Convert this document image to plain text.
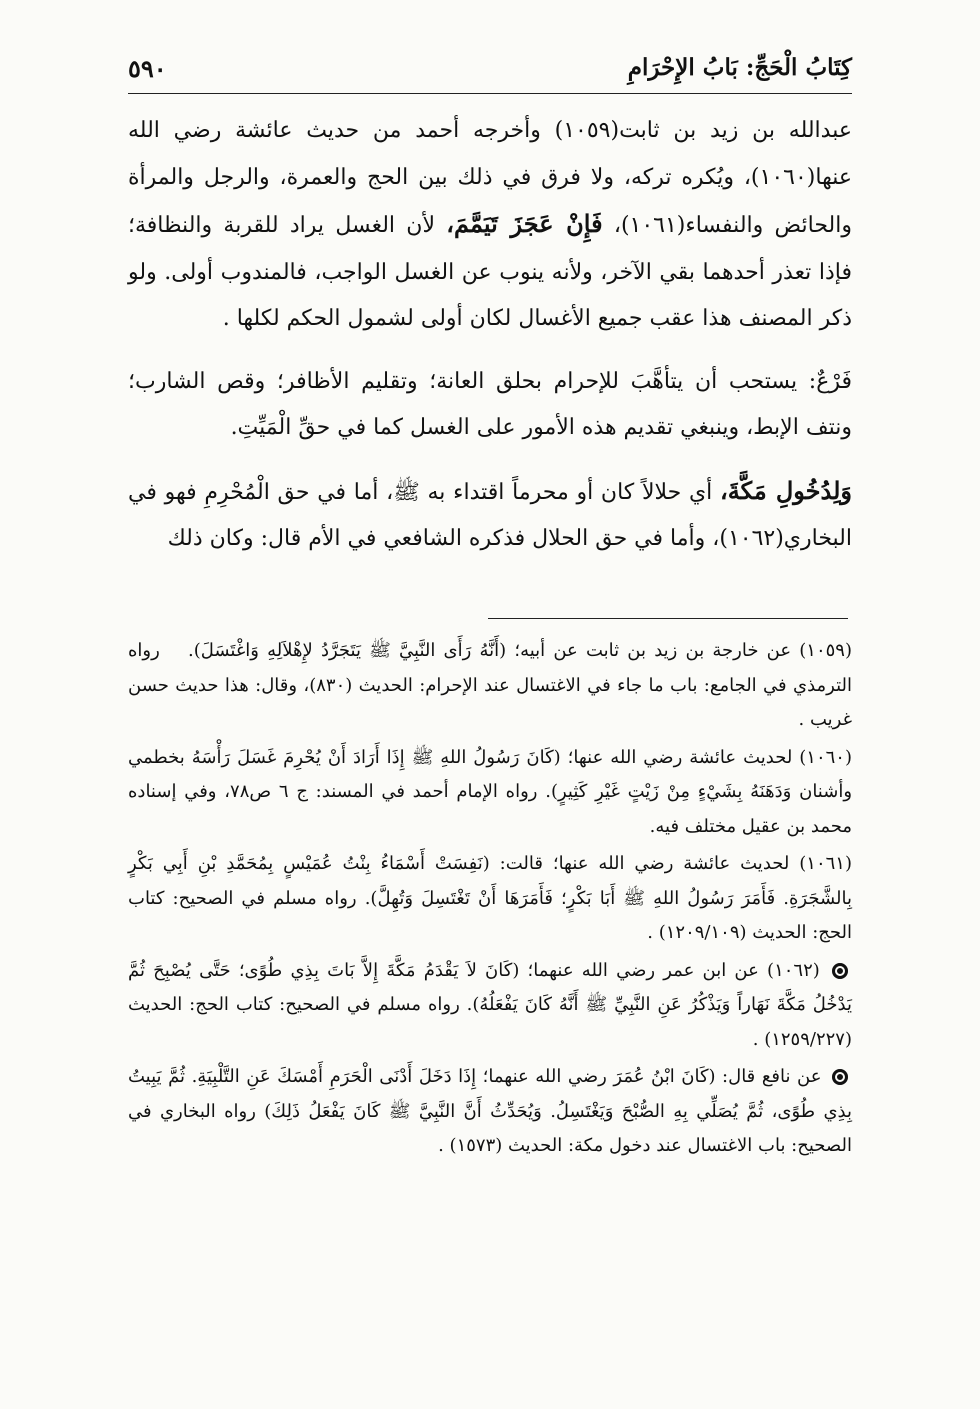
كِتَابُ الْحَجِّ: بَابُ الإِحْرَامِ
٥٩٠

عبدالله بن زيد بن ثابت(١٠٥٩) وأخرجه أحمد من حديث عائشة رضي الله عنها(١٠٦٠)، ويُكره تركه، ولا فرق في ذلك بين الحج والعمرة، والرجل والمرأة والحائض والنفساء(١٠٦١)، فَإِنْ عَجَزَ تَيَمَّمَ، لأن الغسل يراد للقربة والنظافة؛ فإذا تعذر أحدهما بقي الآخر، ولأنه ينوب عن الغسل الواجب، فالمندوب أولى. ولو ذكر المصنف هذا عقب جميع الأغسال لكان أولى لشمول الحكم لكلها .

فَرْعٌ: يستحب أن يتأهَّبَ للإحرام بحلق العانة؛ وتقليم الأظافر؛ وقص الشارب؛ ونتف الإبط، وينبغي تقديم هذه الأمور على الغسل كما في حقِّ الْمَيِّتِ.

وَلِدُخُولِ مَكَّةَ، أي حلالاً كان أو محرماً اقتداء به ﷺ، أما في حق الْمُحْرِمِ فهو في البخاري(١٠٦٢)، وأما في حق الحلال فذكره الشافعي في الأم قال: وكان ذلك

(١٠٥٩) عن خارجة بن زيد بن ثابت عن أبيه؛ (أَنَّهُ رَأَى النَّبِيَّ ﷺ يَتَجَرَّدُ لإِهْلاَلِهِ وَاغْتَسَلَ). رواه الترمذي في الجامع: باب ما جاء في الاغتسال عند الإحرام: الحديث (٨٣٠)، وقال: هذا حديث حسن غريب .

(١٠٦٠) لحديث عائشة رضي الله عنها؛ (كَانَ رَسُولُ اللهِ ﷺ إِذَا أَرَادَ أَنْ يُحْرِمَ غَسَلَ رَأْسَهُ بخطمي وأشنان وَدَهَنَهُ بِشَيْءٍ مِنْ زَيْتٍ غَيْرِ كَثِيرٍ). رواه الإمام أحمد في المسند: ج ٦ ص٧٨، وفي إسناده محمد بن عقيل مختلف فيه.

(١٠٦١) لحديث عائشة رضي الله عنها؛ قالت: (نَفِسَتْ أَسْمَاءُ بِنْتُ عُمَيْسٍ بِمُحَمَّدِ بْنِ أَبِي بَكْرٍ بِالشَّجَرَةِ. فَأَمَرَ رَسُولُ اللهِ ﷺ أَبَا بَكْرٍ؛ فَأَمَرَهَا أَنْ تَغْتَسِلَ وَتُهِلَّ). رواه مسلم في الصحيح: كتاب الحج: الحديث (١٢٠٩/١٠٩) .

(١٠٦٢) عن ابن عمر رضي الله عنهما؛ (كَانَ لاَ يَقْدَمُ مَكَّةَ إِلاَّ بَاتَ بِذِي طُوًى؛ حَتَّى يُصْبِحَ ثُمَّ يَدْخُلُ مَكَّةَ نَهَاراً وَيَذْكُرُ عَنِ النَّبِيِّ ﷺ أَنَّهُ كَانَ يَفْعَلُهُ). رواه مسلم في الصحيح: كتاب الحج: الحديث (١٢٥٩/٢٢٧) .

عن نافع قال: (كَانَ ابْنُ عُمَرَ رضي الله عنهما؛ إِذَا دَخَلَ أَدْنَى الْحَرَمِ أَمْسَكَ عَنِ التَّلْبِيَةِ. ثُمَّ يَبِيتُ بِذِي طُوًى، ثُمَّ يُصَلِّي بِهِ الصُّبْحَ وَيَغْتَسِلُ. وَيُحَدِّثُ أَنَّ النَّبِيَّ ﷺ كَانَ يَفْعَلُ ذَلِكَ) رواه البخاري في الصحيح: باب الاغتسال عند دخول مكة: الحديث (١٥٧٣) .
